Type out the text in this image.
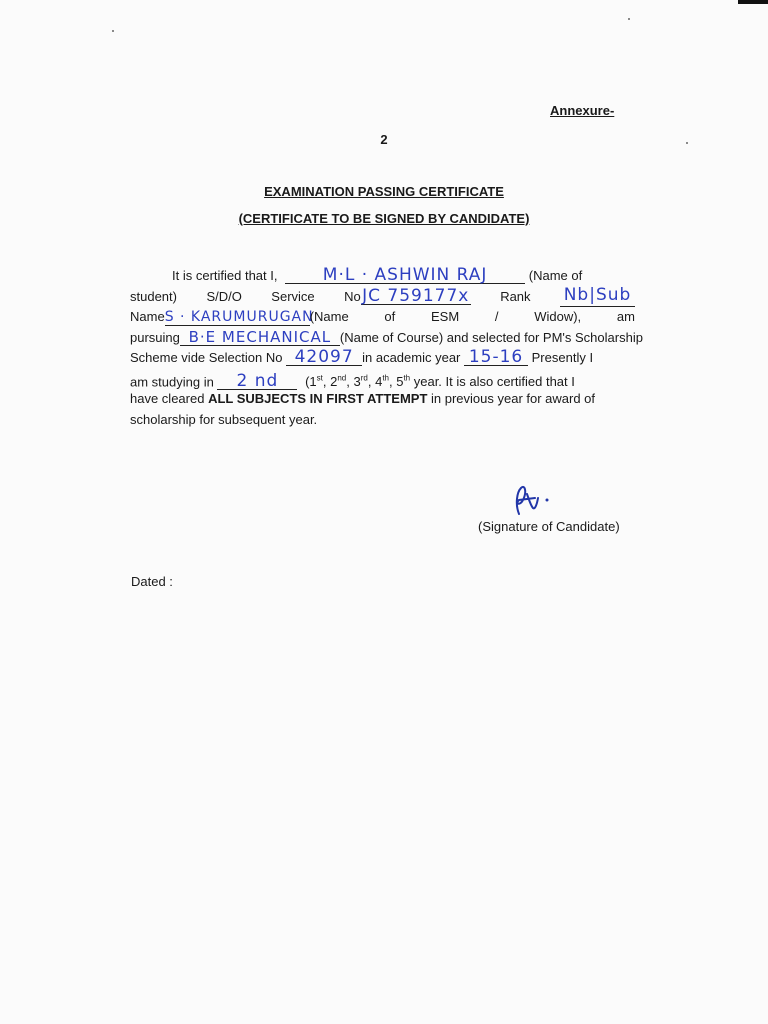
Annexure-
2
EXAMINATION PASSING CERTIFICATE
(CERTIFICATE TO BE SIGNED BY CANDIDATE)
It is certified that I,	M·L · ASHWIN RAJ	(Name of
student) S/D/O Service NoJC 759177x Rank Nb|Sub
NameS · KARUMURUGAN(Name	of	ESM	/	Widow),	am
pursuing B·E MECHANICAL (Name of Course) and selected for PM's Scholarship
Scheme vide Selection No 42097 in academic year 15-16 Presently I
am studying in 2 nd (1st, 2nd, 3rd, 4th, 5th year. It is also certified that I
have cleared ALL SUBJECTS IN FIRST ATTEMPT in previous year for award of
scholarship for subsequent year.
(Signature of Candidate)
Dated :
